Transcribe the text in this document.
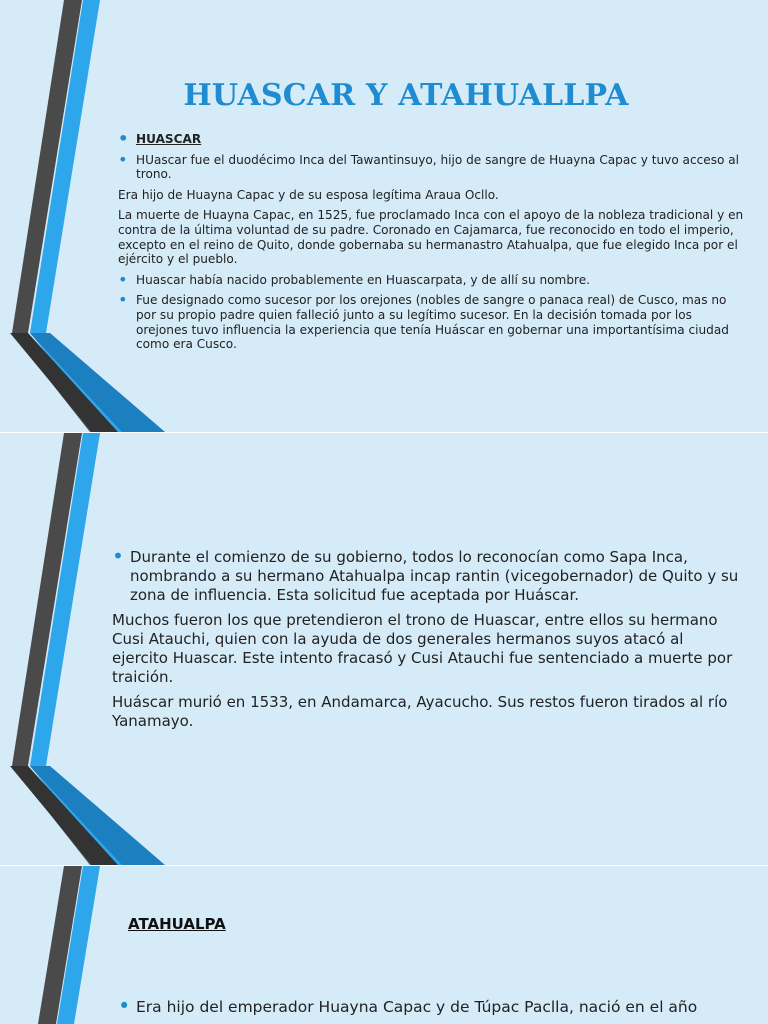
HUASCAR Y ATAHUALLPA

• HUASCAR

• HUascar fue el duodécimo Inca del Tawantinsuyo, hijo de sangre de Huayna Capac y tuvo acceso al trono.

Era hijo de Huayna Capac y de su esposa legítima Araua Ocllo.

La muerte de Huayna Capac, en 1525, fue proclamado Inca con el apoyo de la nobleza tradicional y en contra de la última voluntad de su padre. Coronado en Cajamarca, fue reconocido en todo el imperio, excepto en el reino de Quito, donde gobernaba su hermanastro Atahualpa, que fue elegido Inca por el ejército y el pueblo.

• Huascar había nacido probablemente en Huascarpata, y de allí su nombre.

• Fue designado como sucesor por los orejones (nobles de sangre o panaca real) de Cusco, mas no por su propio padre quien falleció junto a su legítimo sucesor. En la decisión tomada por los orejones tuvo influencia la experiencia que tenía Huáscar en gobernar una importantísima ciudad como era Cusco.

• Durante el comienzo de su gobierno, todos lo reconocían como Sapa Inca, nombrando a su hermano Atahualpa incap rantin (vicegobernador) de Quito y su zona de influencia. Esta solicitud fue aceptada por Huáscar.

Muchos fueron los que pretendieron el trono de Huascar, entre ellos su hermano Cusi Atauchi, quien con la ayuda de dos generales hermanos suyos atacó al ejercito Huascar. Este intento fracasó y Cusi Atauchi fue sentenciado a muerte por traición.

Huáscar murió en 1533, en Andamarca, Ayacucho. Sus restos fueron tirados al río Yanamayo.

ATAHUALPA

• Era hijo del emperador Huayna Capac y de Túpac Paclla, nació en el año
